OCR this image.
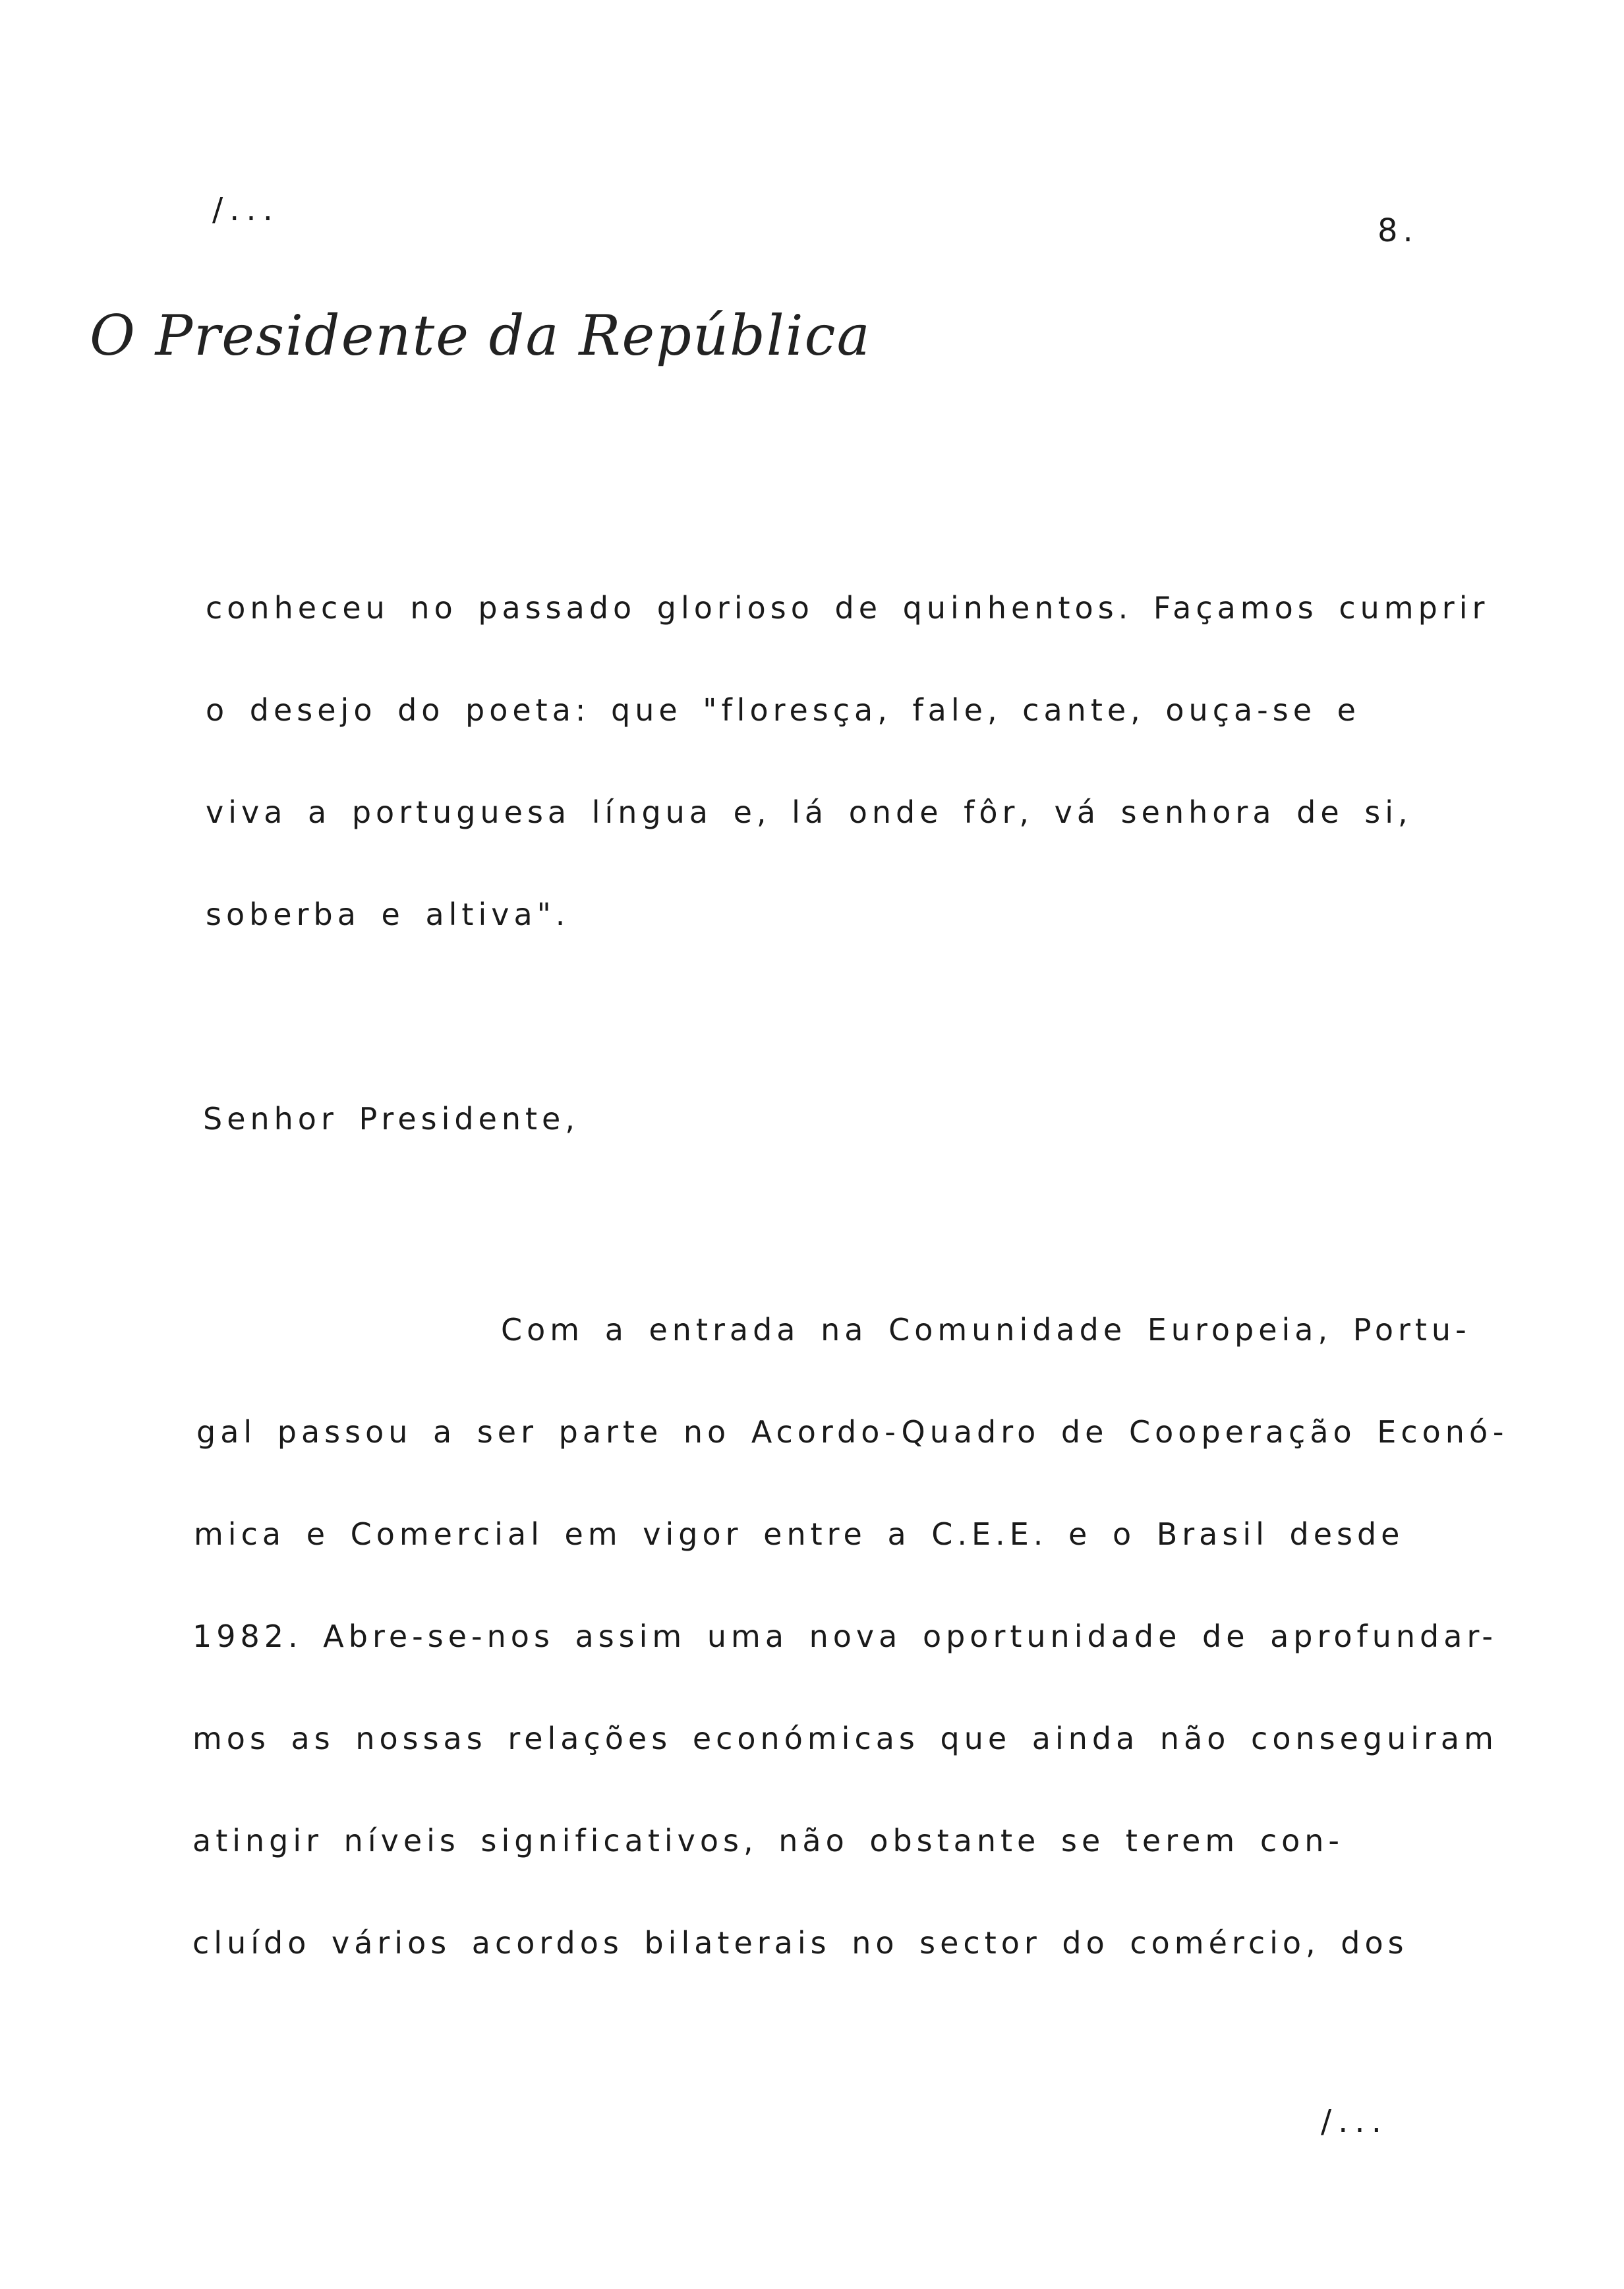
/...
8.
O Presidente da República
conheceu no passado glorioso de quinhentos. Façamos cumprir
o desejo do poeta: que "floresça, fale, cante, ouça-se e
viva a portuguesa língua e, lá onde fôr, vá senhora de si,
soberba e altiva".
Senhor Presidente,
Com a entrada na Comunidade Europeia, Portu-
gal passou a ser parte no Acordo-Quadro de Cooperação Econó-
mica e Comercial em vigor entre a C.E.E. e o Brasil desde
1982. Abre-se-nos assim uma nova oportunidade de aprofundar-
mos as nossas relações económicas que ainda não conseguiram
atingir níveis significativos, não obstante se terem con-
cluído vários acordos bilaterais no sector do comércio, dos
/...
